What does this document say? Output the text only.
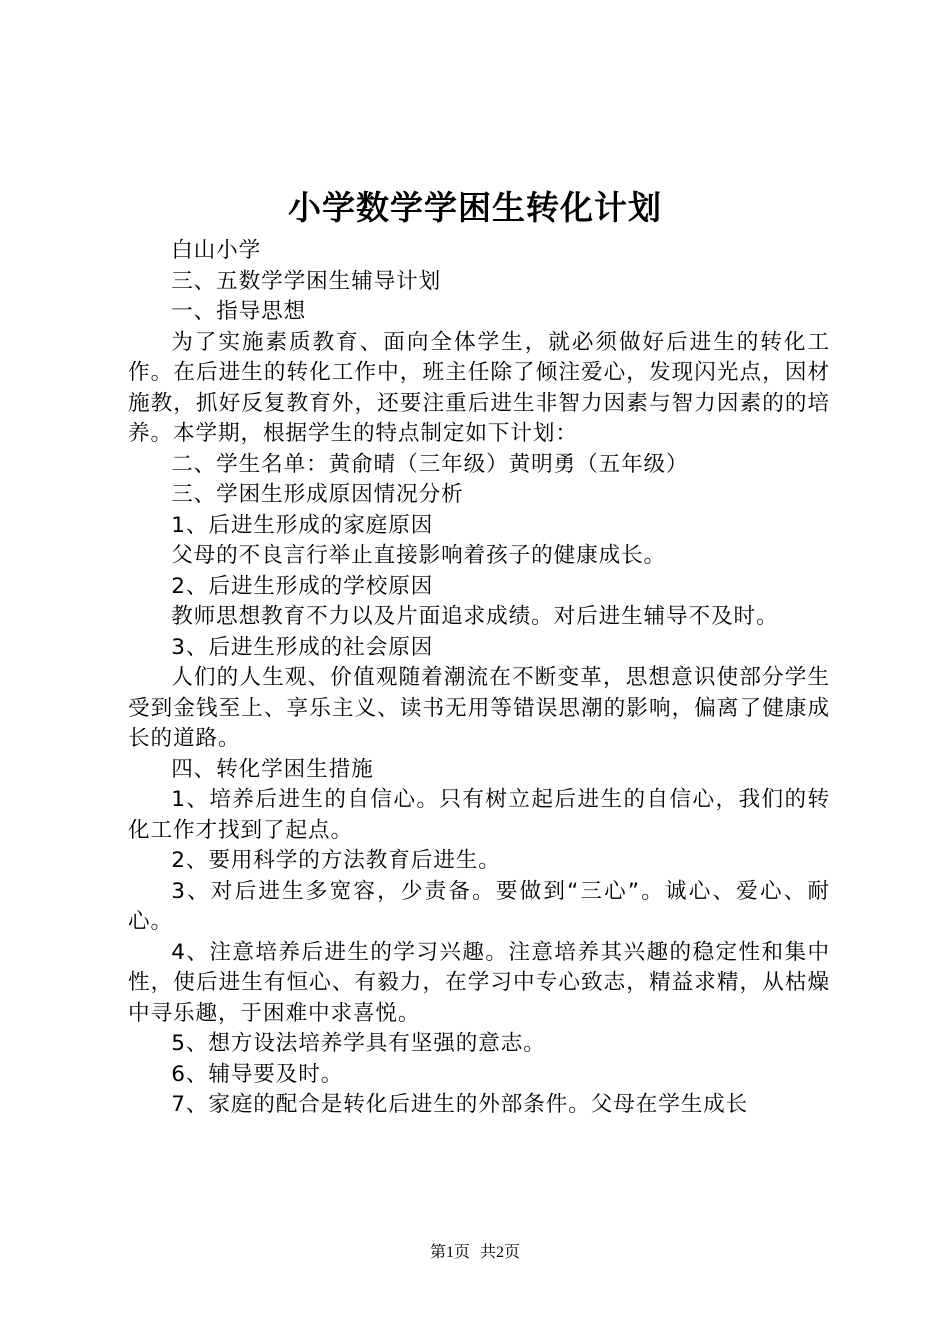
小学数学学困生转化计划

白山小学

三、五数学学困生辅导计划

一、指导思想

为了实施素质教育、面向全体学生，就必须做好后进生的转化工作。在后进生的转化工作中，班主任除了倾注爱心，发现闪光点，因材施教，抓好反复教育外，还要注重后进生非智力因素与智力因素的的培养。本学期，根据学生的特点制定如下计划：

二、学生名单：黄俞晴（三年级）黄明勇（五年级）

三、学困生形成原因情况分析

1、后进生形成的家庭原因

父母的不良言行举止直接影响着孩子的健康成长。

2、后进生形成的学校原因

教师思想教育不力以及片面追求成绩。对后进生辅导不及时。

3、后进生形成的社会原因

人们的人生观、价值观随着潮流在不断变革，思想意识使部分学生受到金钱至上、享乐主义、读书无用等错误思潮的影响，偏离了健康成长的道路。

四、转化学困生措施

1、培养后进生的自信心。只有树立起后进生的自信心，我们的转化工作才找到了起点。

2、要用科学的方法教育后进生。

3、对后进生多宽容，少责备。要做到“三心”。诚心、爱心、耐心。

4、注意培养后进生的学习兴趣。注意培养其兴趣的稳定性和集中性，使后进生有恒心、有毅力，在学习中专心致志，精益求精，从枯燥中寻乐趣，于困难中求喜悦。

5、想方设法培养学具有坚强的意志。

6、辅导要及时。

7、家庭的配合是转化后进生的外部条件。父母在学生成长

第1页 共2页
